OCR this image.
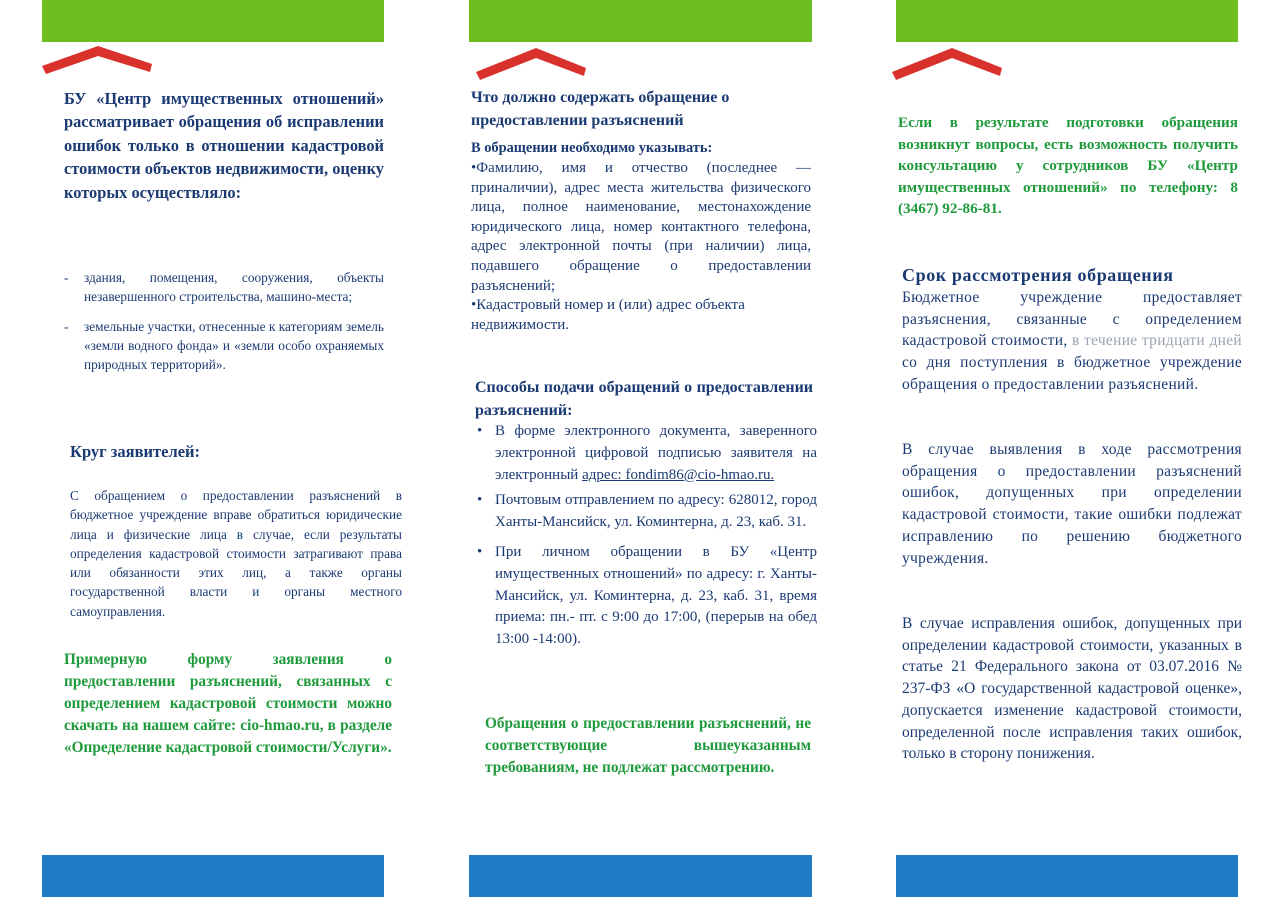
БУ «Центр имущественных отношений» рассматривает обращения об исправлении ошибок только в отношении кадастровой стоимости объектов недвижимости, оценку которых осуществляло:
- здания, помещения, сооружения, объекты незавершенного строительства, машино-места;
- земельные участки, отнесенные к категориям земель «земли водного фонда» и «земли особо охраняемых природных территорий».
Круг заявителей:
С обращением о предоставлении разъяснений в бюджетное учреждение вправе обратиться юридические лица и физические лица в случае, если результаты определения кадастровой стоимости затрагивают права или обязанности этих лиц, а также органы государственной власти и органы местного самоуправления.
Примерную форму заявления о предоставлении разъяснений, связанных с определением кадастровой стоимости можно скачать на нашем сайте: cio-hmao.ru, в разделе «Определение кадастровой стоимости/Услуги».
Что должно содержать обращение о предоставлении разъяснений
В обращении необходимо указывать:

•Фамилию, имя и отчество (последнее — приналичии), адрес места жительства физического лица, полное наименование, местонахождение юридического лица, номер контактного телефона, адрес электронной почты (при наличии) лица, подавшего обращение о предоставлении разъяснений;

•Кадастровый номер и (или) адрес объекта недвижимости.

Способы подачи обращений о предоставлении разъяснений:
• В форме электронного документа, заверенного электронной цифровой подписью заявителя на электронный адрес: fondim86@cio-hmao.ru.
• Почтовым отправлением по адресу: 628012, город Ханты-Мансийск, ул. Коминтерна, д. 23, каб. 31.
• При личном обращении в БУ «Центр имущественных отношений» по адресу: г. Ханты-Мансийск, ул. Коминтерна, д. 23, каб. 31, время приема: пн.- пт. с 9:00 до 17:00, (перерыв на обед 13:00 -14:00).
Обращения о предоставлении разъяснений, не соответствующие вышеуказанным требованиям, не подлежат рассмотрению.
Если в результате подготовки обращения возникнут вопросы, есть возможность получить консультацию у сотрудников БУ «Центр имущественных отношений» по телефону: 8 (3467) 92-86-81.
Срок рассмотрения обращения
Бюджетное учреждение предоставляет разъяснения, связанные с определением кадастровой стоимости, в течение тридцати дней со дня поступления в бюджетное учреждение обращения о предоставлении разъяснений.
В случае выявления в ходе рассмотрения обращения о предоставлении разъяснений ошибок, допущенных при определении кадастровой стоимости, такие ошибки подлежат исправлению по решению бюджетного учреждения.
В случае исправления ошибок, допущенных при определении кадастровой стоимости, указанных в статье 21 Федерального закона от 03.07.2016 № 237-ФЗ «О государственной кадастровой оценке», допускается изменение кадастровой стоимости, определенной после исправления таких ошибок, только в сторону понижения.
